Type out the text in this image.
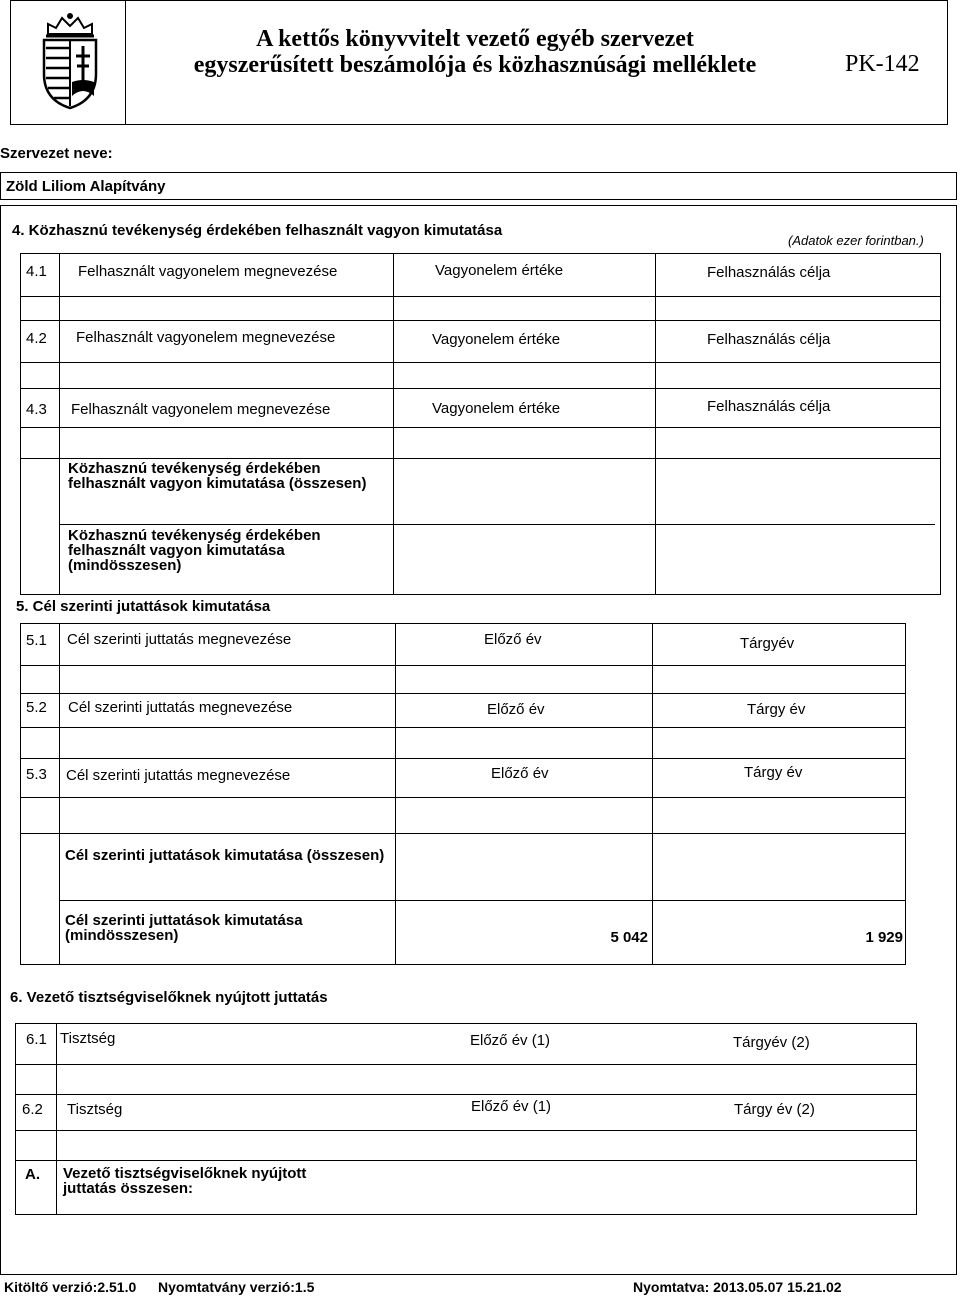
A kettős könyvvitelt vezető egyéb szervezet
egyszerűsített beszámolója és közhasznúsági melléklete	PK-142
Szervezet neve:
Zöld Liliom Alapítvány
4. Közhasznú tevékenység érdekében felhasznált vagyon kimutatása
(Adatok ezer forintban.)
4.1 Felhasznált vagyonelem megnevezése	Vagyonelem értéke	Felhasználás célja
4.2 Felhasznált vagyonelem megnevezése	Vagyonelem értéke	Felhasználás célja
4.3 Felhasznált vagyonelem megnevezése	Vagyonelem értéke	Felhasználás célja
Közhasznú tevékenység érdekében felhasznált vagyon kimutatása (összesen)
Közhasznú tevékenység érdekében felhasznált vagyon kimutatása (mindösszesen)
5. Cél szerinti jutattások kimutatása
5.1 Cél szerinti juttatás megnevezése	Előző év	Tárgyév
5.2 Cél szerinti juttatás megnevezése	Előző év	Tárgy év
5.3 Cél szerinti jutattás megnevezése	Előző év	Tárgy év
Cél szerinti juttatások kimutatása (összesen)
Cél szerinti juttatások kimutatása (mindösszesen)	5 042	1 929
6. Vezető tisztségviselőknek nyújtott juttatás
6.1 Tisztség	Előző év (1)	Tárgyév (2)
6.2 Tisztség	Előző év (1)	Tárgy év (2)
A. Vezető tisztségviselőknek nyújtott juttatás összesen:
Kitöltő verzió:2.51.0 Nyomtatvány verzió:1.5	Nyomtatva: 2013.05.07 15.21.02
